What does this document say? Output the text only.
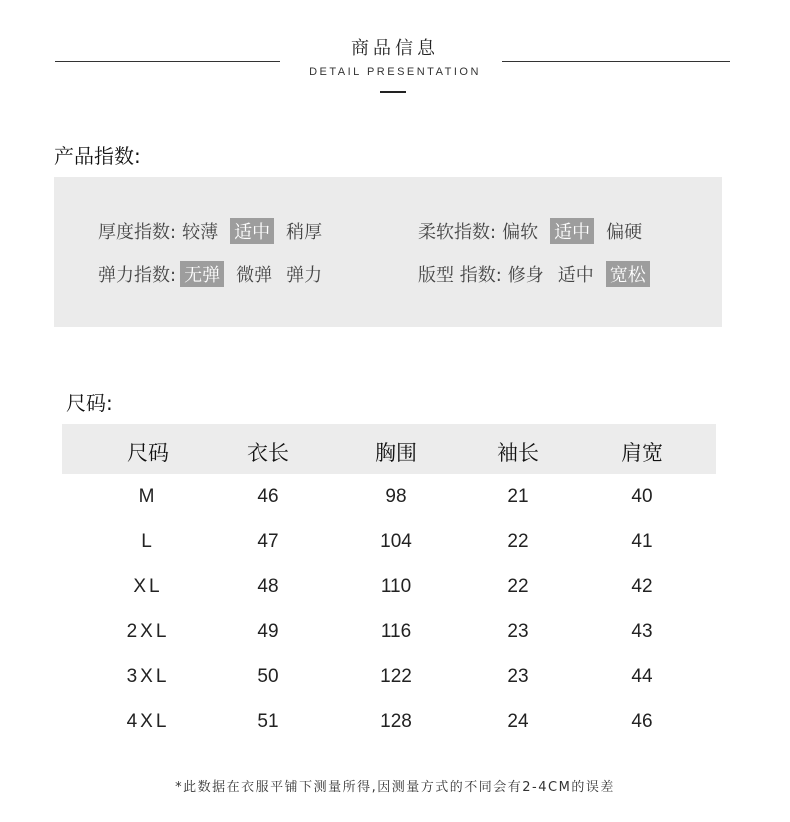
商品信息
DETAIL PRESENTATION
产品指数:
厚度指数: 较薄 适中 稍厚	柔软指数: 偏软 适中 偏硬
弹力指数: 无弹 微弹 弹力	版型 指数: 修身 适中 宽松
尺码:
尺码	衣长	胸围	袖长	肩宽
M	46	98	21	40
L	47	104	22	41
XL	48	110	22	42
2XL	49	116	23	43
3XL	50	122	23	44
4XL	51	128	24	46
*此数据在衣服平铺下测量所得,因测量方式的不同会有2-4CM的误差
